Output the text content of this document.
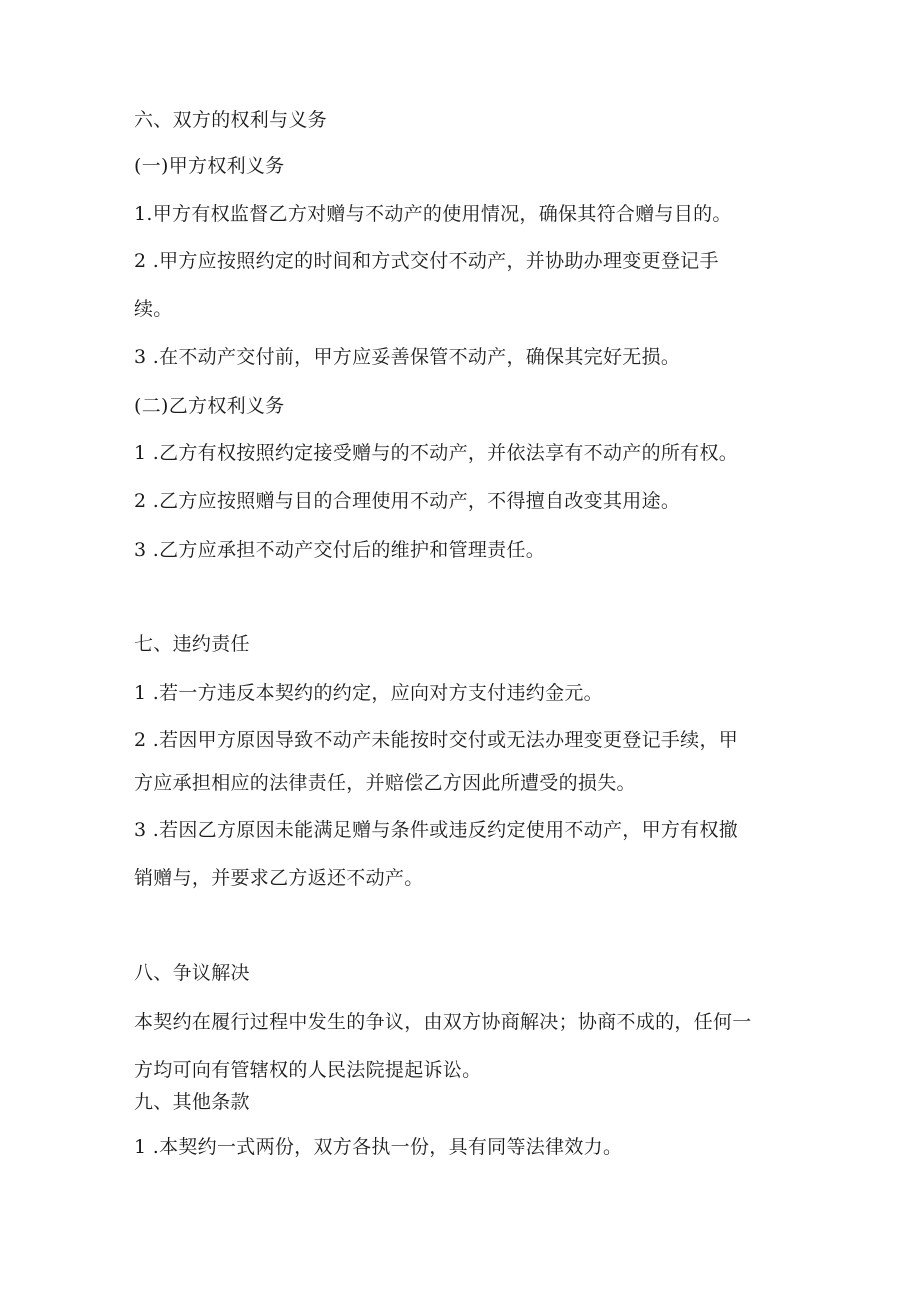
六、双方的权利与义务
(一)甲方权利义务
1.甲方有权监督乙方对赠与不动产的使用情况，确保其符合赠与目的。
2 .甲方应按照约定的时间和方式交付不动产，并协助办理变更登记手
续。
3 .在不动产交付前，甲方应妥善保管不动产，确保其完好无损。
(二)乙方权利义务
1 .乙方有权按照约定接受赠与的不动产，并依法享有不动产的所有权。
2 .乙方应按照赠与目的合理使用不动产，不得擅自改变其用途。
3 .乙方应承担不动产交付后的维护和管理责任。
七、违约责任
1 .若一方违反本契约的约定，应向对方支付违约金元。
2 .若因甲方原因导致不动产未能按时交付或无法办理变更登记手续，甲
方应承担相应的法律责任，并赔偿乙方因此所遭受的损失。
3 .若因乙方原因未能满足赠与条件或违反约定使用不动产，甲方有权撤
销赠与，并要求乙方返还不动产。
八、争议解决
本契约在履行过程中发生的争议，由双方协商解决；协商不成的，任何一
方均可向有管辖权的人民法院提起诉讼。
九、其他条款
1 .本契约一式两份，双方各执一份，具有同等法律效力。
